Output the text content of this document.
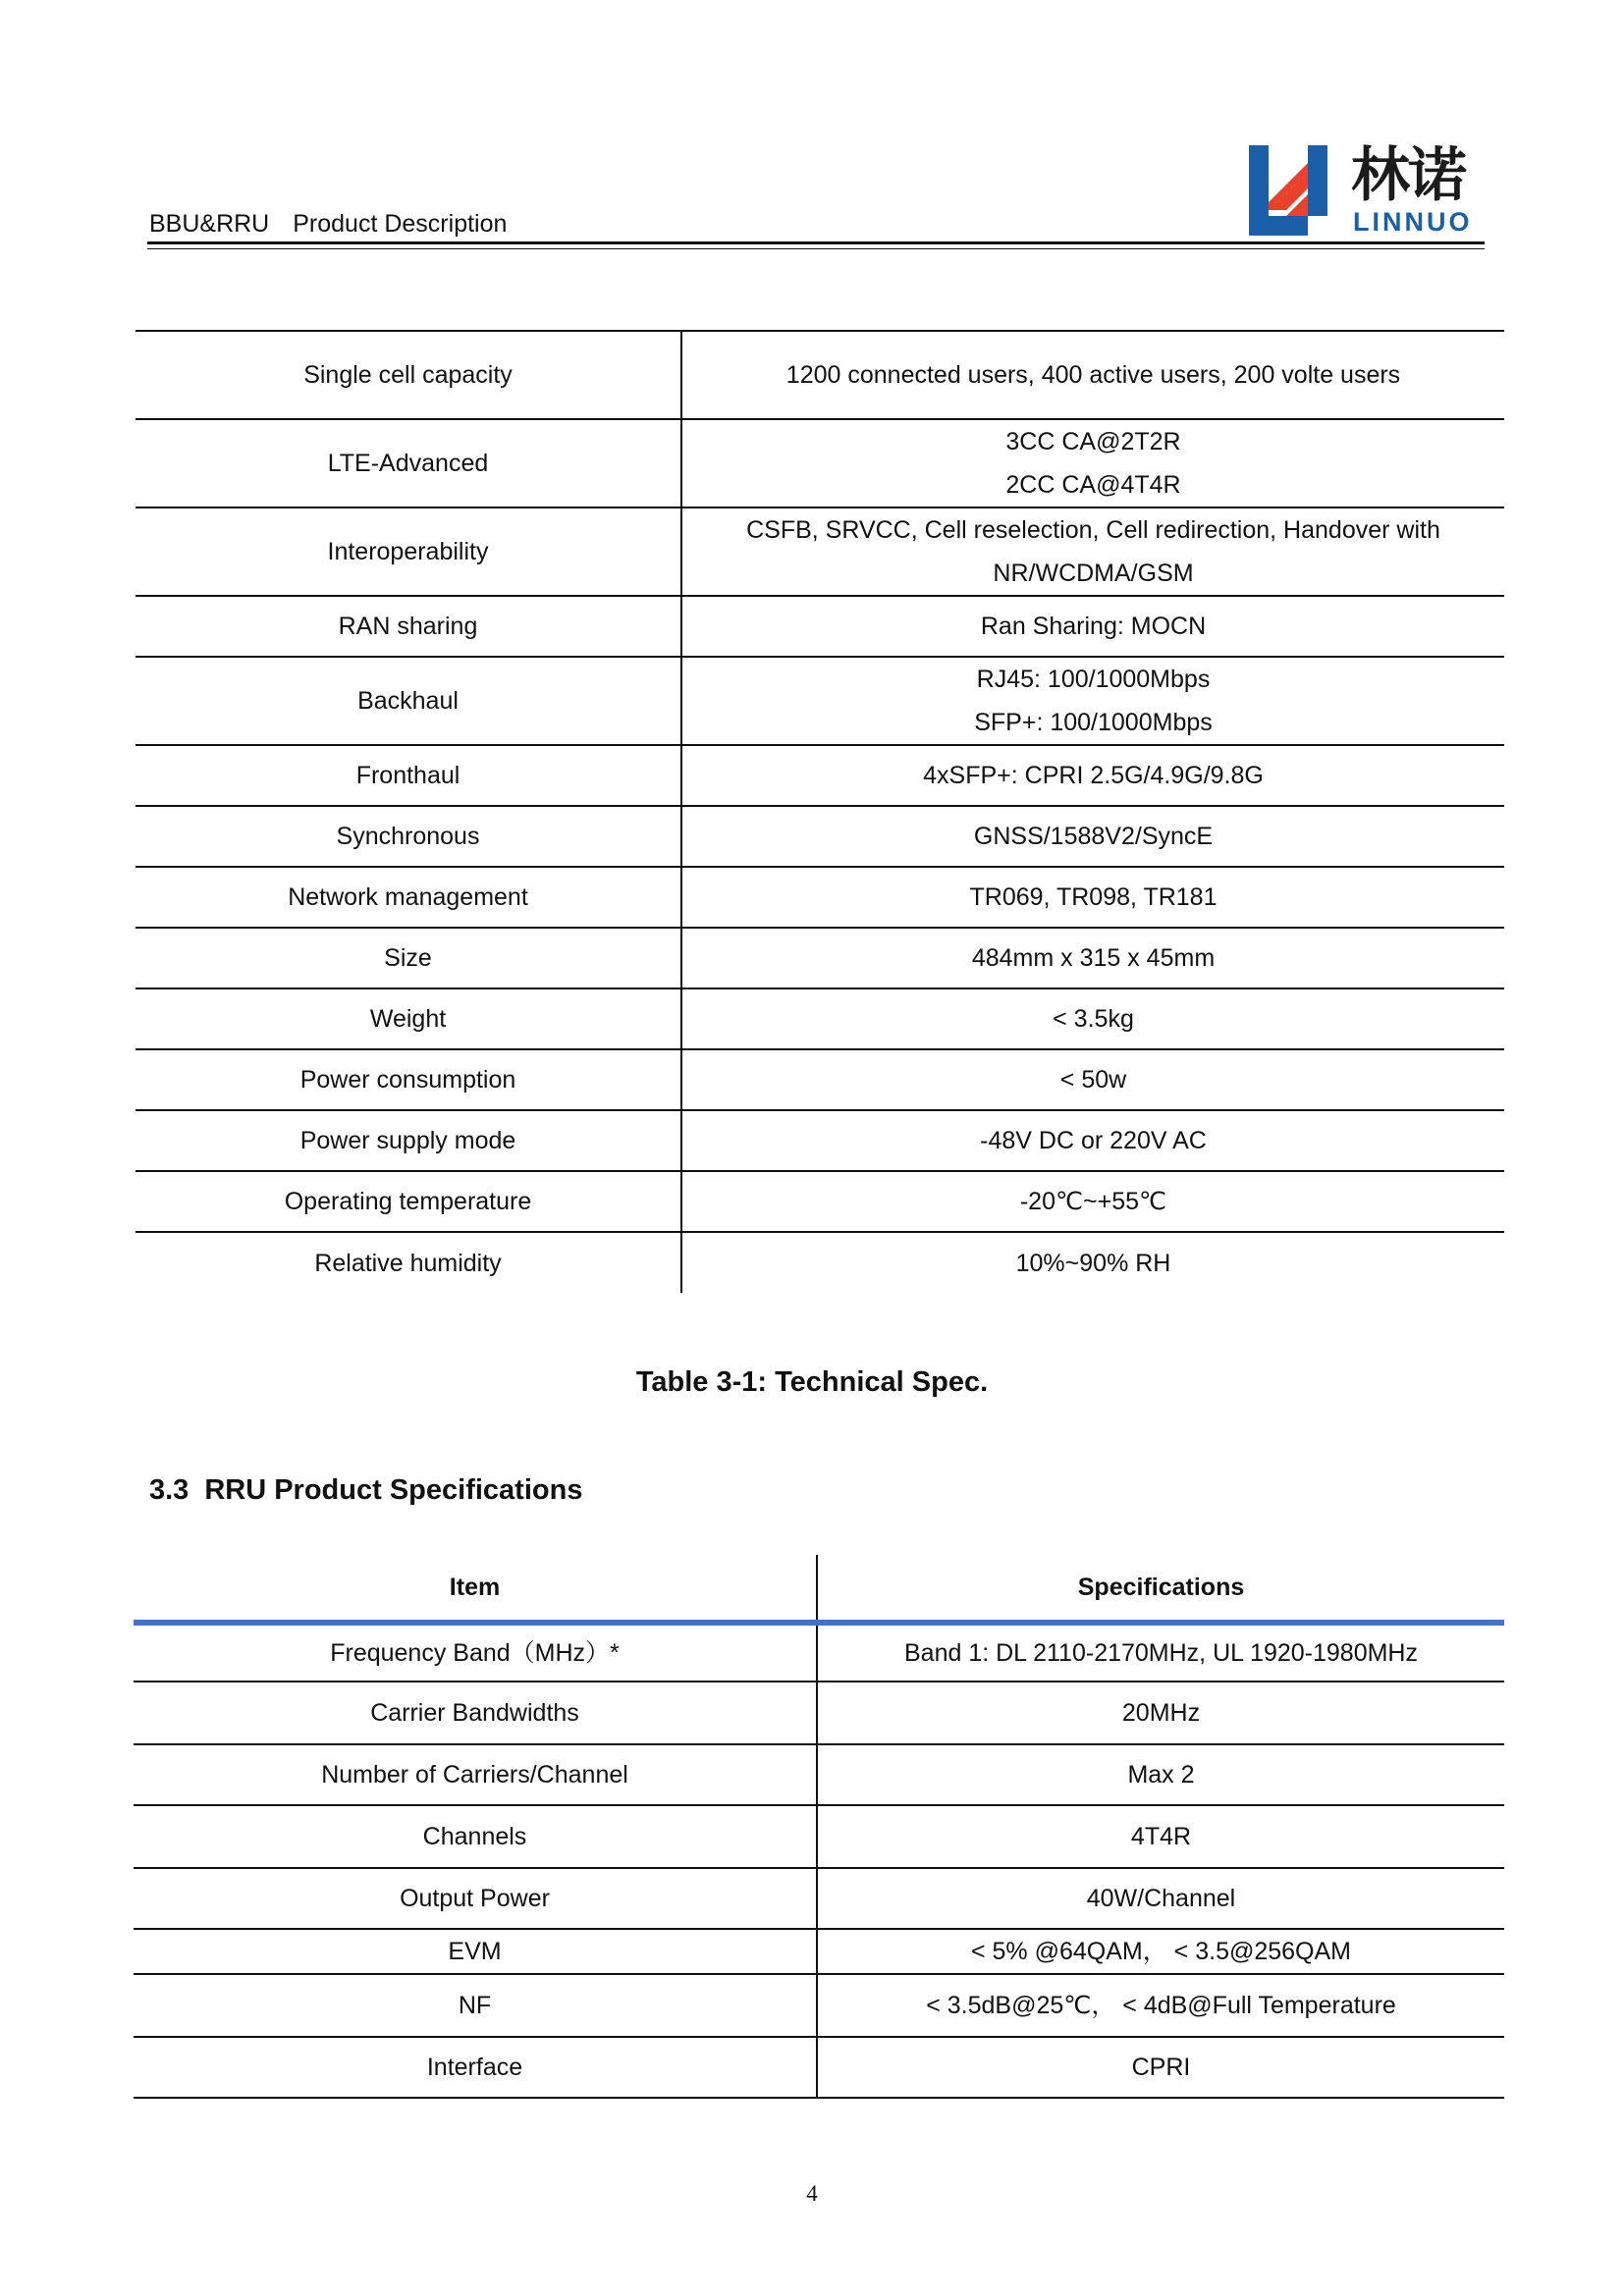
BBU&RRU Product Description
林诺
LINNUO
Single cell capacity	1200 connected users, 400 active users, 200 volte users

LTE-Advanced	3CC CA@2T2R
2CC CA@4T4R

Interoperability	CSFB, SRVCC, Cell reselection, Cell redirection, Handover with
NR/WCDMA/GSM

RAN sharing	Ran Sharing: MOCN

Backhaul	RJ45: 100/1000Mbps
SFP+: 100/1000Mbps

Fronthaul	4xSFP+: CPRI 2.5G/4.9G/9.8G

Synchronous	GNSS/1588V2/SyncE

Network management	TR069, TR098, TR181

Size	484mm x 315 x 45mm

Weight	< 3.5kg

Power consumption	< 50w

Power supply mode	-48V DC or 220V AC

Operating temperature	-20℃~+55℃

Relative humidity	10%~90% RH
Table 3-1: Technical Spec.
3.3 RRU Product Specifications
Item	Specifications
Frequency Band（MHz）*	Band 1: DL 2110-2170MHz, UL 1920-1980MHz
Carrier Bandwidths	20MHz
Number of Carriers/Channel	Max 2
Channels	4T4R
Output Power	40W/Channel
EVM	< 5% @64QAM， < 3.5@256QAM
NF	< 3.5dB@25℃， < 4dB@Full Temperature
Interface	CPRI
4
